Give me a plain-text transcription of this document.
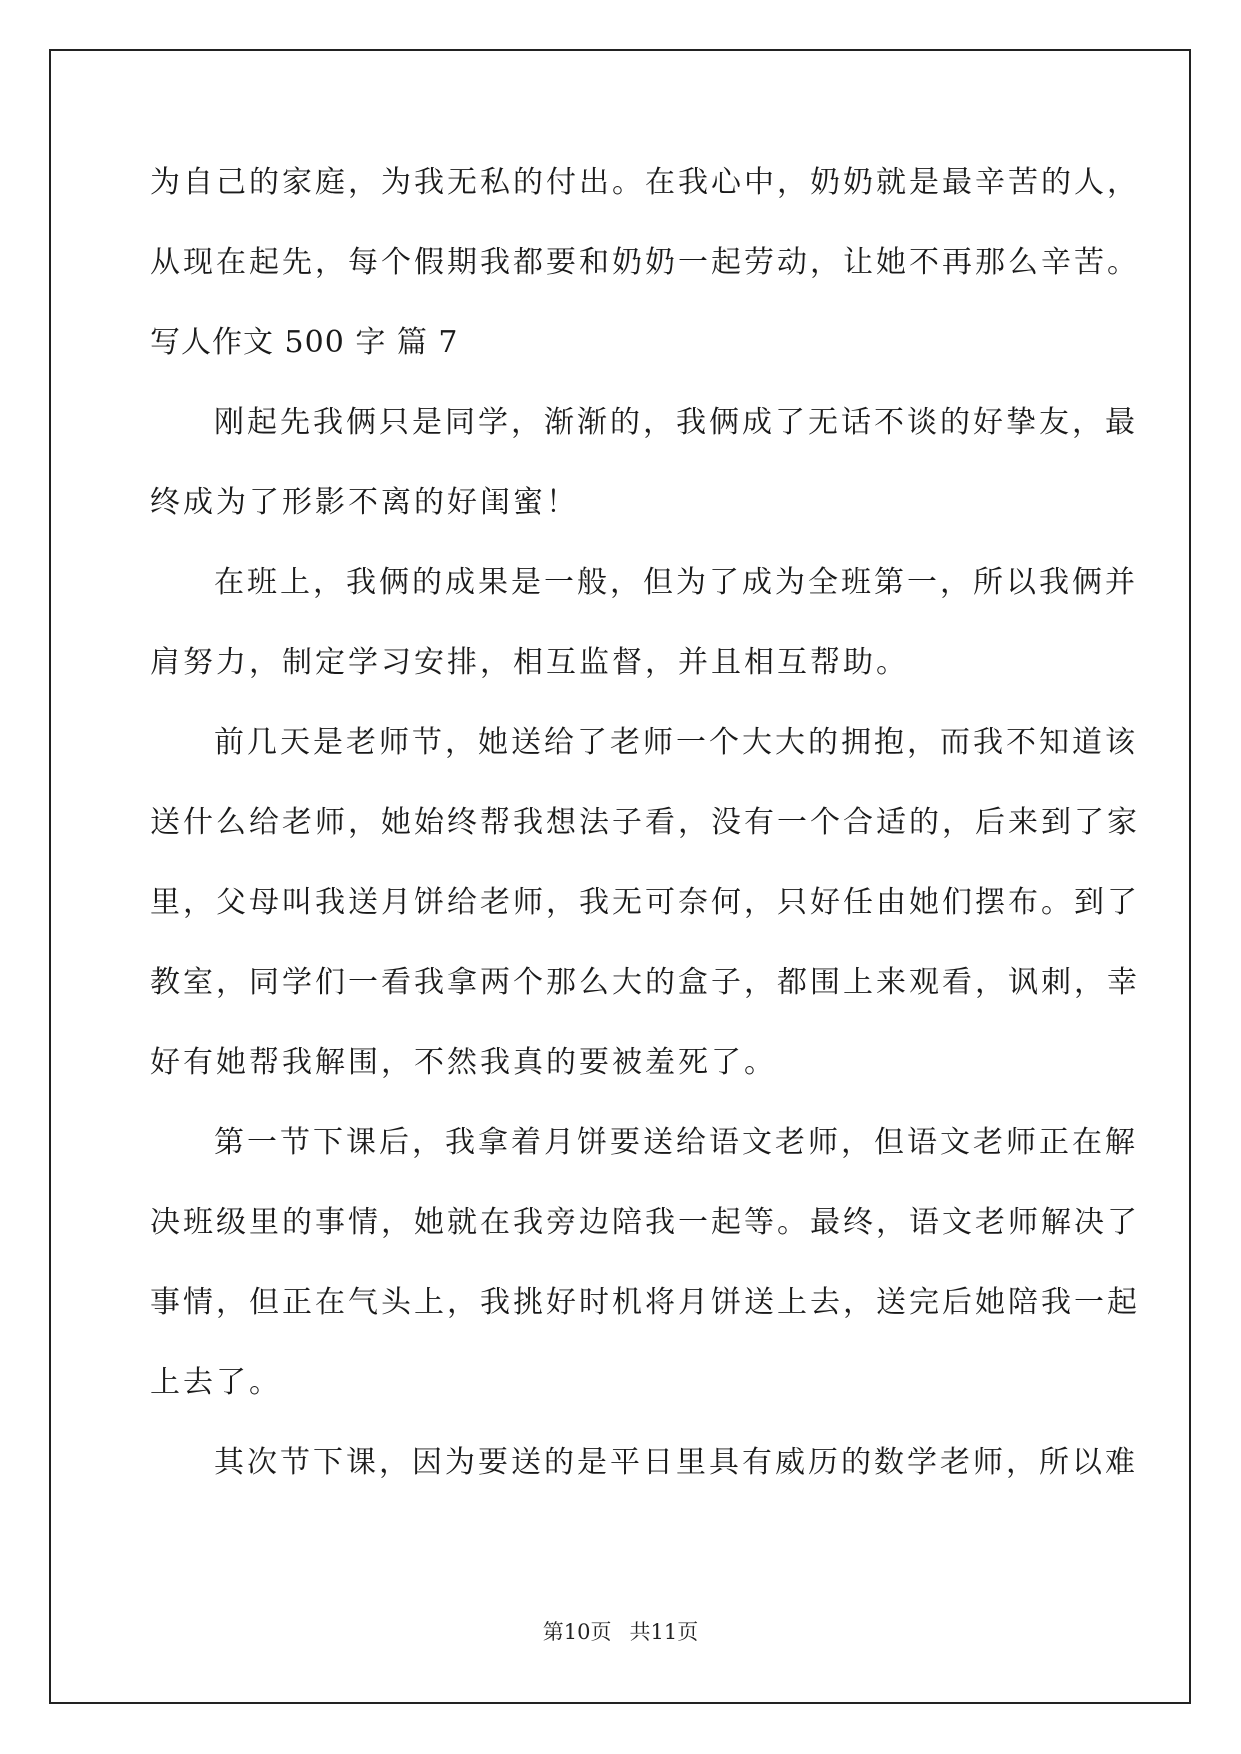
为自己的家庭，为我无私的付出。在我心中，奶奶就是最辛苦的人，
从现在起先，每个假期我都要和奶奶一起劳动，让她不再那么辛苦。
写人作文 500 字 篇 7
刚起先我俩只是同学，渐渐的，我俩成了无话不谈的好挚友，最
终成为了形影不离的好闺蜜！
在班上，我俩的成果是一般，但为了成为全班第一，所以我俩并
肩努力，制定学习安排，相互监督，并且相互帮助。
前几天是老师节，她送给了老师一个大大的拥抱，而我不知道该
送什么给老师，她始终帮我想法子看，没有一个合适的，后来到了家
里，父母叫我送月饼给老师，我无可奈何，只好任由她们摆布。到了
教室，同学们一看我拿两个那么大的盒子，都围上来观看，讽刺，幸
好有她帮我解围，不然我真的要被羞死了。
第一节下课后，我拿着月饼要送给语文老师，但语文老师正在解
决班级里的事情，她就在我旁边陪我一起等。最终，语文老师解决了
事情，但正在气头上，我挑好时机将月饼送上去，送完后她陪我一起
上去了。
其次节下课，因为要送的是平日里具有威历的数学老师，所以难
第10页 共11页
